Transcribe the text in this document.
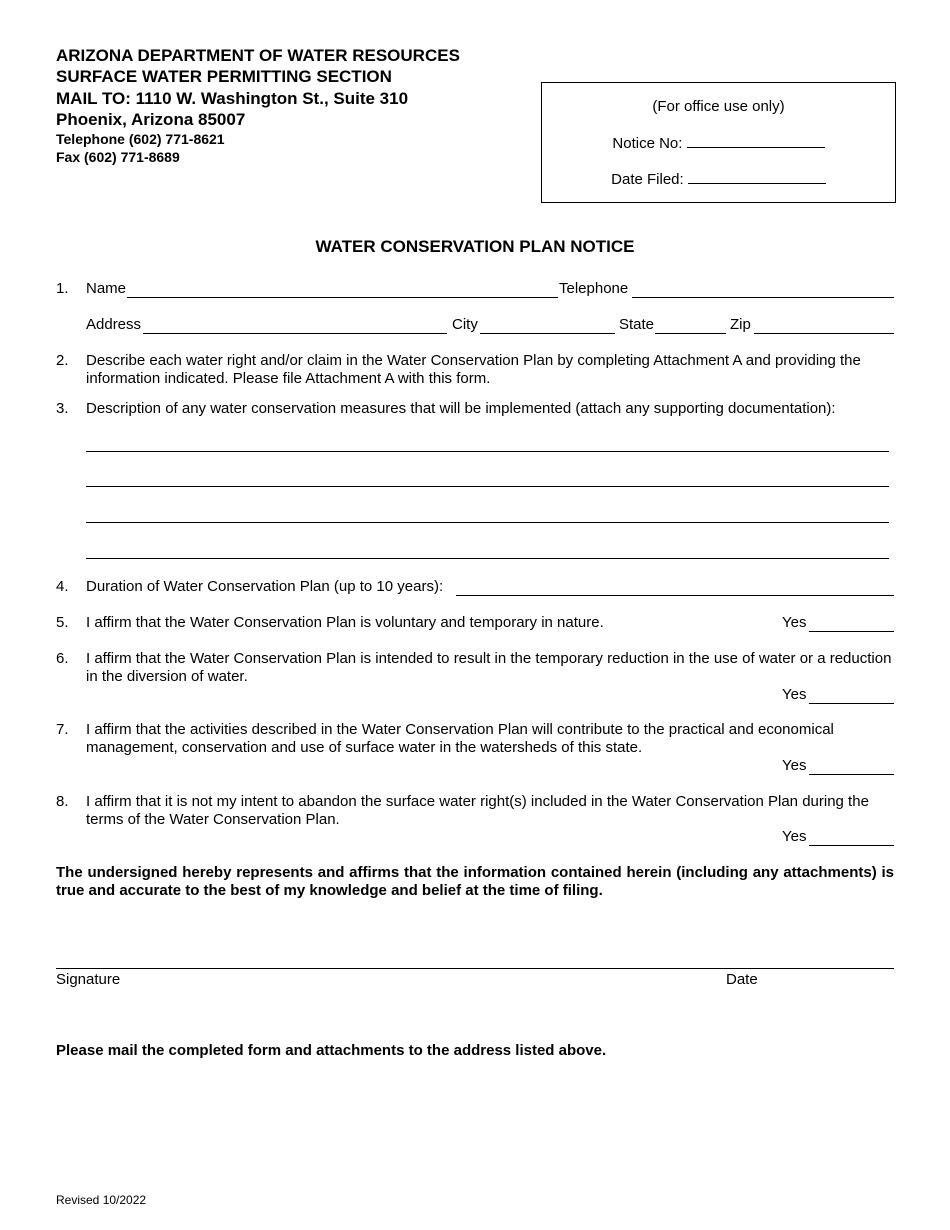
ARIZONA DEPARTMENT OF WATER RESOURCES
SURFACE WATER PERMITTING SECTION
MAIL TO: 1110 W. Washington St., Suite 310
Phoenix, Arizona 85007
Telephone (602) 771-8621
Fax (602) 771-8689
(For office use only)
Notice No:
Date Filed:
WATER CONSERVATION PLAN NOTICE
1. Name	Telephone
Address	City	State	Zip
2. Describe each water right and/or claim in the Water Conservation Plan by completing Attachment A and providing the information indicated. Please file Attachment A with this form.
3. Description of any water conservation measures that will be implemented (attach any supporting documentation):
4. Duration of Water Conservation Plan (up to 10 years):
5. I affirm that the Water Conservation Plan is voluntary and temporary in nature.	Yes
6. I affirm that the Water Conservation Plan is intended to result in the temporary reduction in the use of water or a reduction in the diversion of water.
Yes
7. I affirm that the activities described in the Water Conservation Plan will contribute to the practical and economical management, conservation and use of surface water in the watersheds of this state.
Yes
8. I affirm that it is not my intent to abandon the surface water right(s) included in the Water Conservation Plan during the terms of the Water Conservation Plan.
Yes
The undersigned hereby represents and affirms that the information contained herein (including any attachments) is true and accurate to the best of my knowledge and belief at the time of filing.
Signature	Date
Please mail the completed form and attachments to the address listed above.
Revised 10/2022
